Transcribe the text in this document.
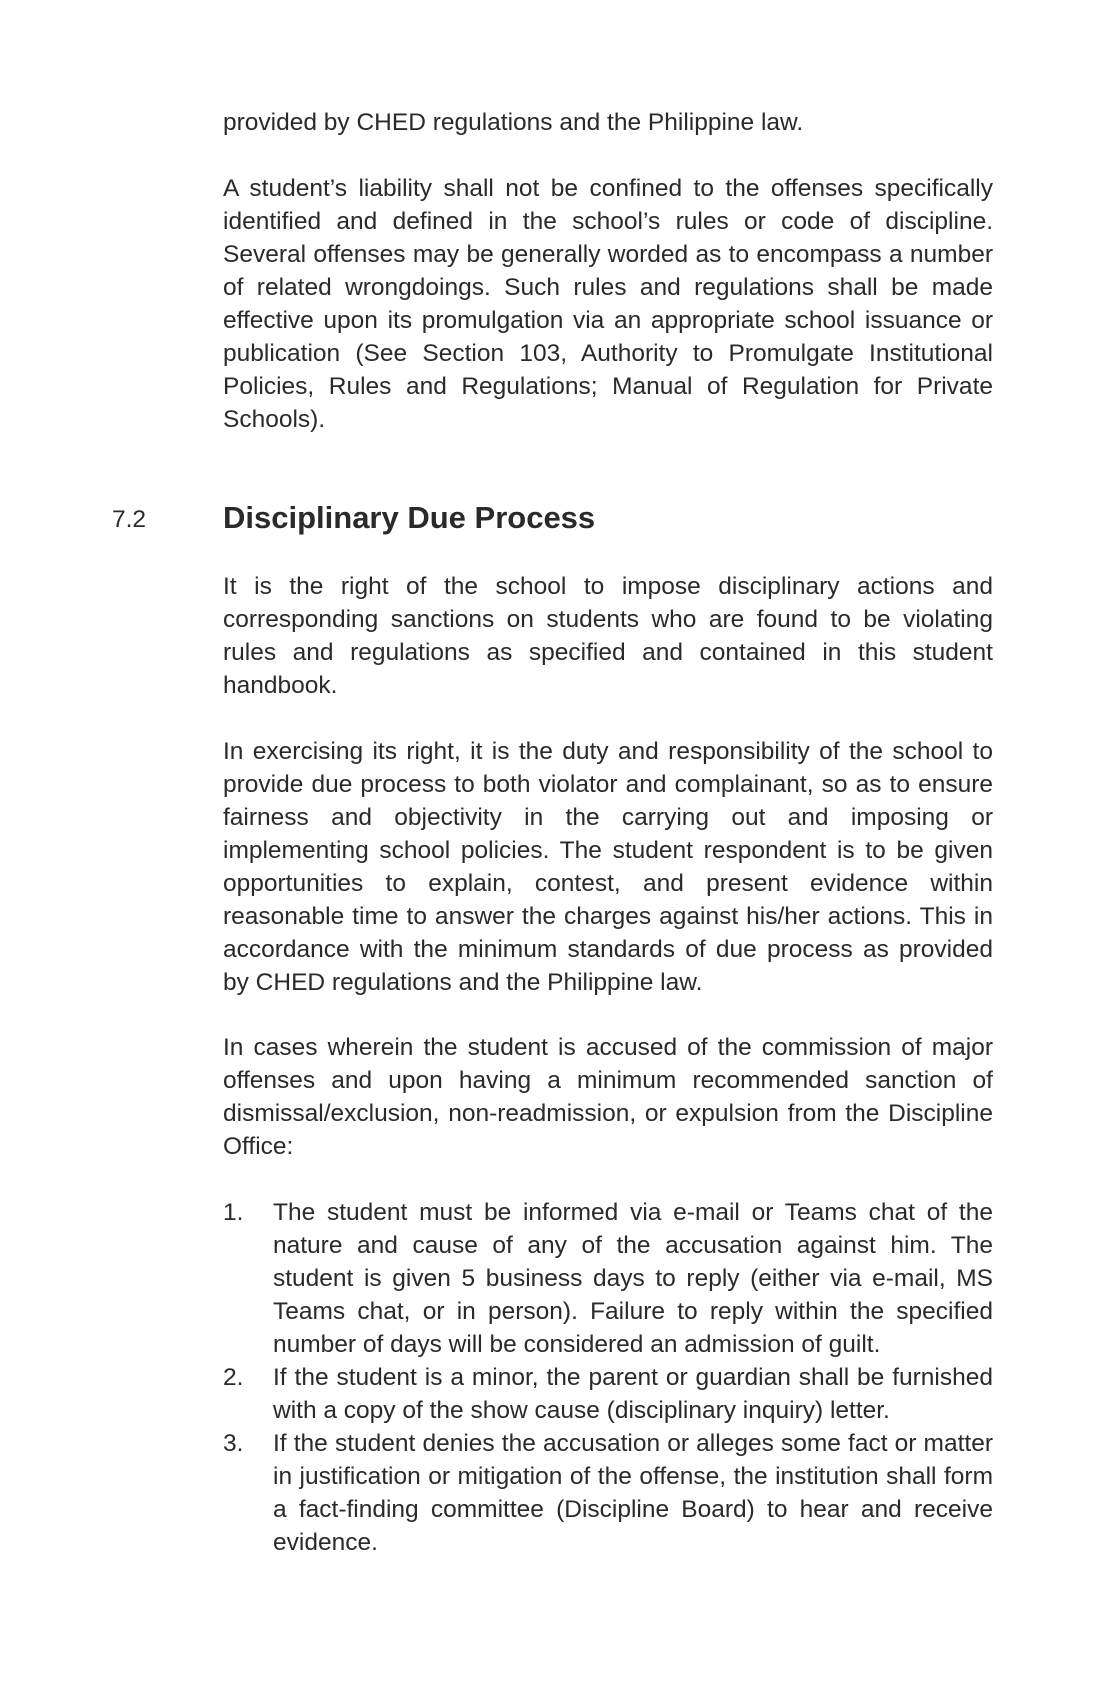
provided by CHED regulations and the Philippine law.

A student’s liability shall not be confined to the offenses specifically identified and defined in the school’s rules or code of discipline. Several offenses may be generally worded as to encompass a number of related wrongdoings. Such rules and regulations shall be made effective upon its promulgation via an appropriate school issuance or publication (See Section 103, Authority to Promulgate Institutional Policies, Rules and Regulations; Manual of Regulation for Private Schools).

7.2 Disciplinary Due Process

It is the right of the school to impose disciplinary actions and corresponding sanctions on students who are found to be violating rules and regulations as specified and contained in this student handbook.

In exercising its right, it is the duty and responsibility of the school to provide due process to both violator and complainant, so as to ensure fairness and objectivity in the carrying out and imposing or implementing school policies. The student respondent is to be given opportunities to explain, contest, and present evidence within reasonable time to answer the charges against his/her actions. This in accordance with the minimum standards of due process as provided by CHED regulations and the Philippine law.

In cases wherein the student is accused of the commission of major offenses and upon having a minimum recommended sanction of dismissal/exclusion, non-readmission, or expulsion from the Discipline Office:

1. The student must be informed via e-mail or Teams chat of the nature and cause of any of the accusation against him. The student is given 5 business days to reply (either via e-mail, MS Teams chat, or in person). Failure to reply within the specified number of days will be considered an admission of guilt.
2. If the student is a minor, the parent or guardian shall be furnished with a copy of the show cause (disciplinary inquiry) letter.
3. If the student denies the accusation or alleges some fact or matter in justification or mitigation of the offense, the institution shall form a fact-finding committee (Discipline Board) to hear and receive evidence.
